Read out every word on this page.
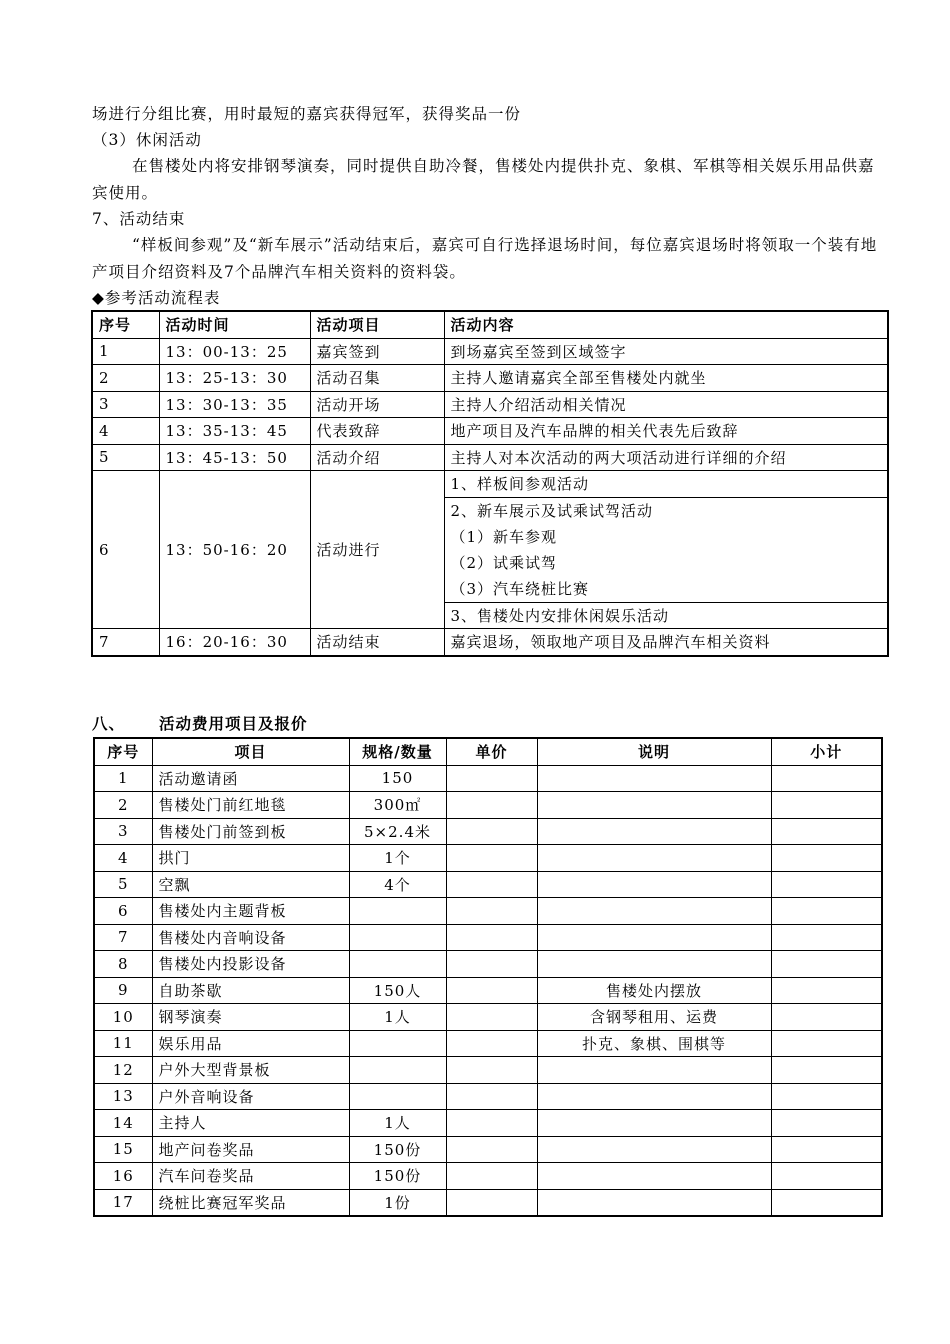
场进行分组比赛，用时最短的嘉宾获得冠军，获得奖品一份

（3）休闲活动

在售楼处内将安排钢琴演奏，同时提供自助冷餐，售楼处内提供扑克、象棋、军棋等相关娱乐用品供嘉宾使用。

7、活动结束

“样板间参观”及“新车展示”活动结束后，嘉宾可自行选择退场时间，每位嘉宾退场时将领取一个装有地产项目介绍资料及7个品牌汽车相关资料的资料袋。

◆参考活动流程表

序号	活动时间	活动项目	活动内容
1	13：00-13：25	嘉宾签到	到场嘉宾至签到区域签字
2	13：25-13：30	活动召集	主持人邀请嘉宾全部至售楼处内就坐
3	13：30-13：35	活动开场	主持人介绍活动相关情况
4	13：35-13：45	代表致辞	地产项目及汽车品牌的相关代表先后致辞
5	13：45-13：50	活动介绍	主持人对本次活动的两大项活动进行详细的介绍
6	13：50-16：20	活动进行	1、样板间参观活动

			2、新车展示及试乘试驾活动
（1）新车参观
（2）试乘试驾
（3）汽车绕桩比赛

			3、售楼处内安排休闲娱乐活动
7	16：20-16：30	活动结束	嘉宾退场，领取地产项目及品牌汽车相关资料
八、 活动费用项目及报价
序号	项目	规格/数量	单价	说明	小计
1	活动邀请函	150			
2	售楼处门前红地毯	300㎡			
3	售楼处门前签到板	5×2.4米			
4	拱门	1个			
5	空飘	4个			
6	售楼处内主题背板				
7	售楼处内音响设备				
8	售楼处内投影设备				
9	自助茶歇	150人		售楼处内摆放	
10	钢琴演奏	1人		含钢琴租用、运费	
11	娱乐用品			扑克、象棋、围棋等	
12	户外大型背景板				
13	户外音响设备				
14	主持人	1人			
15	地产问卷奖品	150份			
16	汽车问卷奖品	150份			
17	绕桩比赛冠军奖品	1份			
